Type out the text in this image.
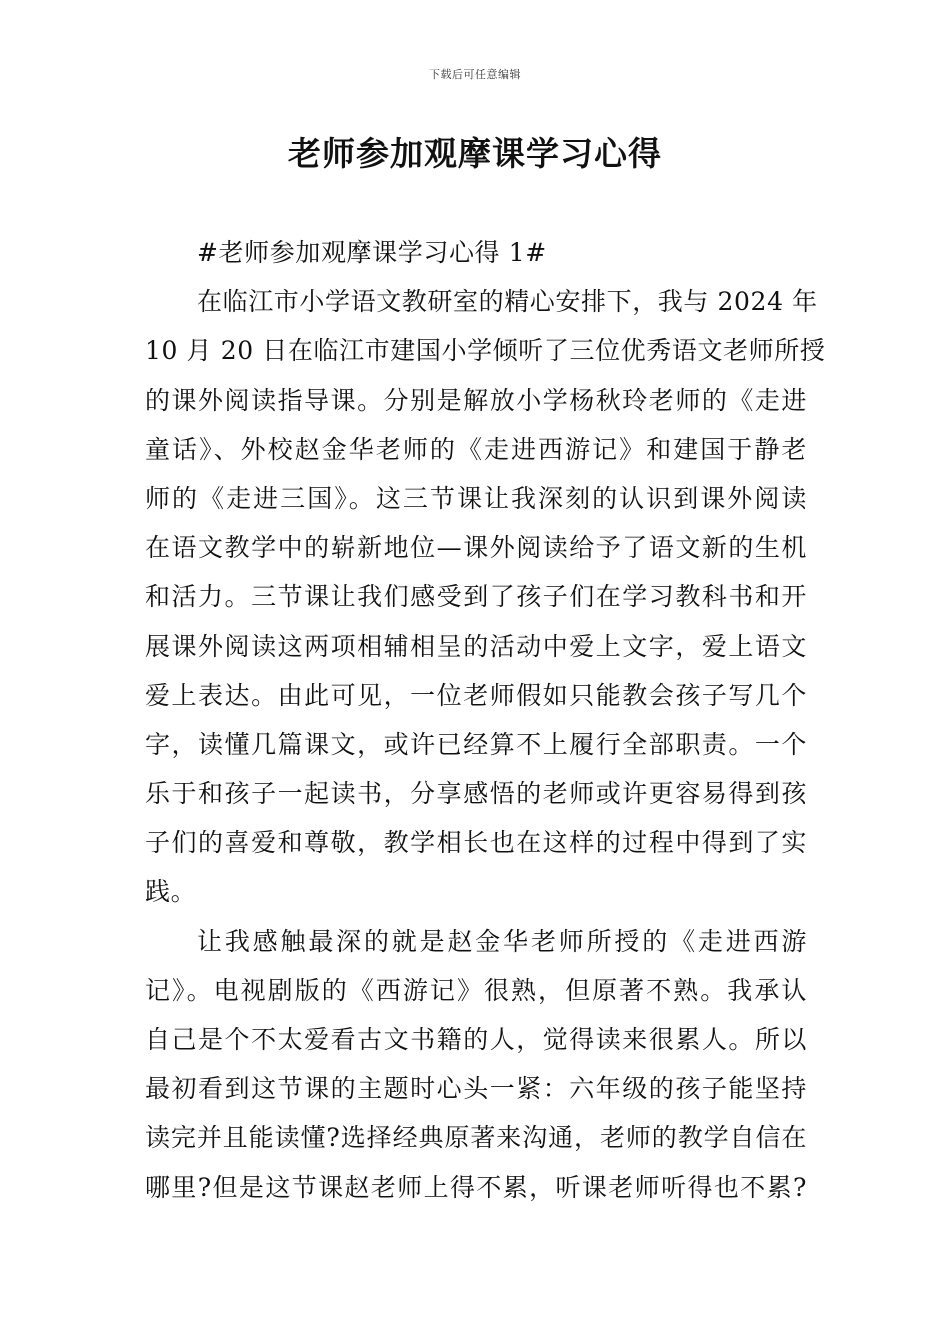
下载后可任意编辑
老师参加观摩课学习心得
#老师参加观摩课学习心得 1#
在临江市小学语文教研室的精心安排下，我与 2024 年
10 月 20 日在临江市建国小学倾听了三位优秀语文老师所授
的课外阅读指导课。分别是解放小学杨秋玲老师的《走进
童话》、外校赵金华老师的《走进西游记》和建国于静老
师的《走进三国》。这三节课让我深刻的认识到课外阅读
在语文教学中的崭新地位—课外阅读给予了语文新的生机
和活力。三节课让我们感受到了孩子们在学习教科书和开
展课外阅读这两项相辅相呈的活动中爱上文字，爱上语文
爱上表达。由此可见，一位老师假如只能教会孩子写几个
字，读懂几篇课文，或许已经算不上履行全部职责。一个
乐于和孩子一起读书，分享感悟的老师或许更容易得到孩
子们的喜爱和尊敬，教学相长也在这样的过程中得到了实
践。
让我感触最深的就是赵金华老师所授的《走进西游
记》。电视剧版的《西游记》很熟，但原著不熟。我承认
自己是个不太爱看古文书籍的人，觉得读来很累人。所以
最初看到这节课的主题时心头一紧：六年级的孩子能坚持
读完并且能读懂?选择经典原著来沟通，老师的教学自信在
哪里?但是这节课赵老师上得不累，听课老师听得也不累?
